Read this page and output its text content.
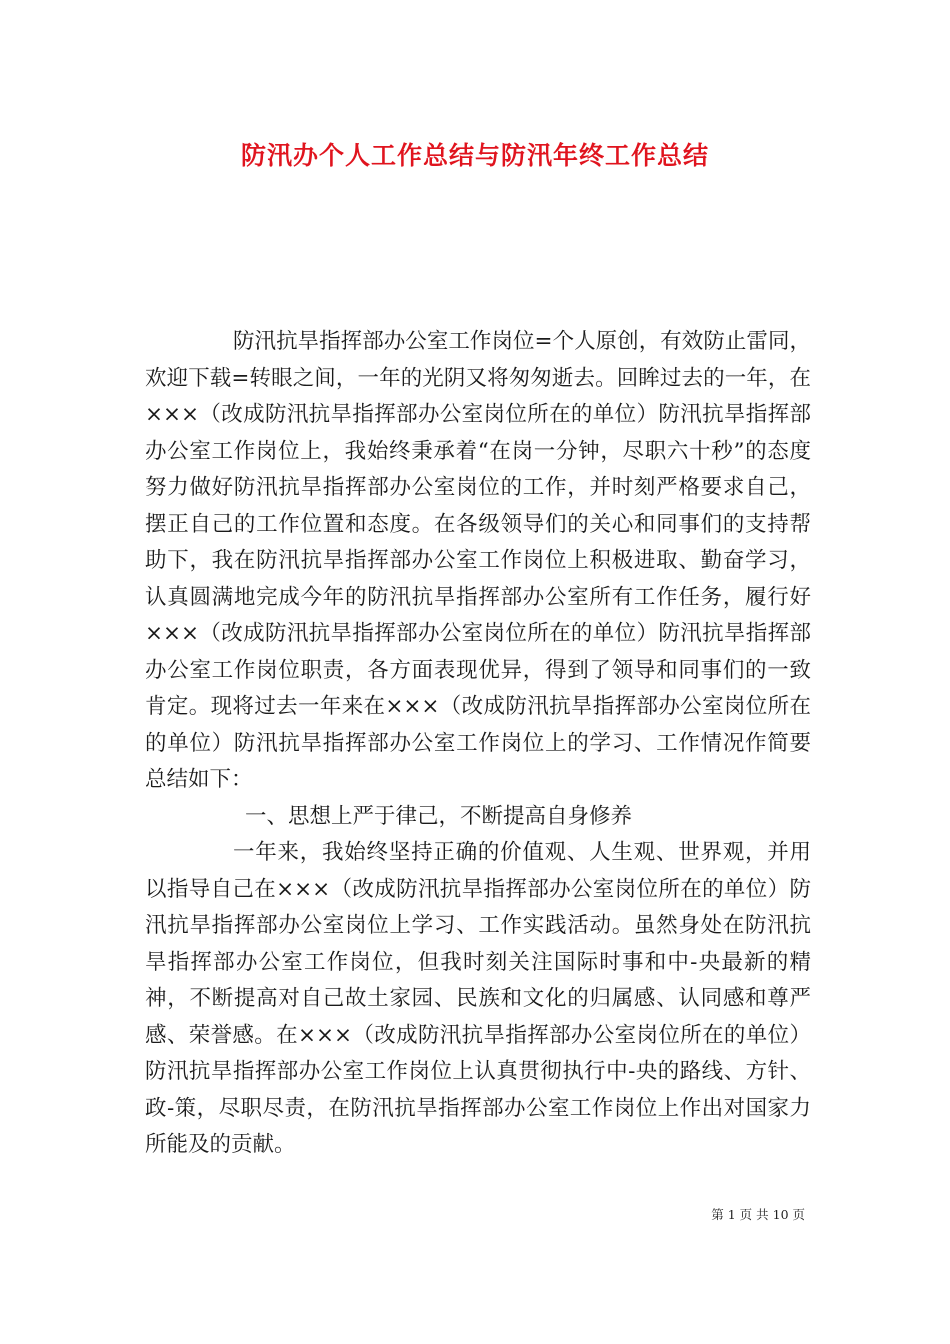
防汛办个人工作总结与防汛年终工作总结

防汛抗旱指挥部办公室工作岗位=个人原创，有效防止雷同，欢迎下载=转眼之间，一年的光阴又将匆匆逝去。回眸过去的一年，在×××（改成防汛抗旱指挥部办公室岗位所在的单位）防汛抗旱指挥部办公室工作岗位上，我始终秉承着“在岗一分钟，尽职六十秒”的态度努力做好防汛抗旱指挥部办公室岗位的工作，并时刻严格要求自己，摆正自己的工作位置和态度。在各级领导们的关心和同事们的支持帮助下，我在防汛抗旱指挥部办公室工作岗位上积极进取、勤奋学习，认真圆满地完成今年的防汛抗旱指挥部办公室所有工作任务，履行好×××（改成防汛抗旱指挥部办公室岗位所在的单位）防汛抗旱指挥部办公室工作岗位职责，各方面表现优异，得到了领导和同事们的一致肯定。现将过去一年来在×××（改成防汛抗旱指挥部办公室岗位所在的单位）防汛抗旱指挥部办公室工作岗位上的学习、工作情况作简要总结如下：

一、思想上严于律己，不断提高自身修养

一年来，我始终坚持正确的价值观、人生观、世界观，并用以指导自己在×××（改成防汛抗旱指挥部办公室岗位所在的单位）防汛抗旱指挥部办公室岗位上学习、工作实践活动。虽然身处在防汛抗旱指挥部办公室工作岗位，但我时刻关注国际时事和中-央最新的精神，不断提高对自己故土家园、民族和文化的归属感、认同感和尊严感、荣誉感。在×××（改成防汛抗旱指挥部办公室岗位所在的单位）防汛抗旱指挥部办公室工作岗位上认真贯彻执行中-央的路线、方针、政-策，尽职尽责，在防汛抗旱指挥部办公室工作岗位上作出对国家力所能及的贡献。

第 1 页 共 10 页
